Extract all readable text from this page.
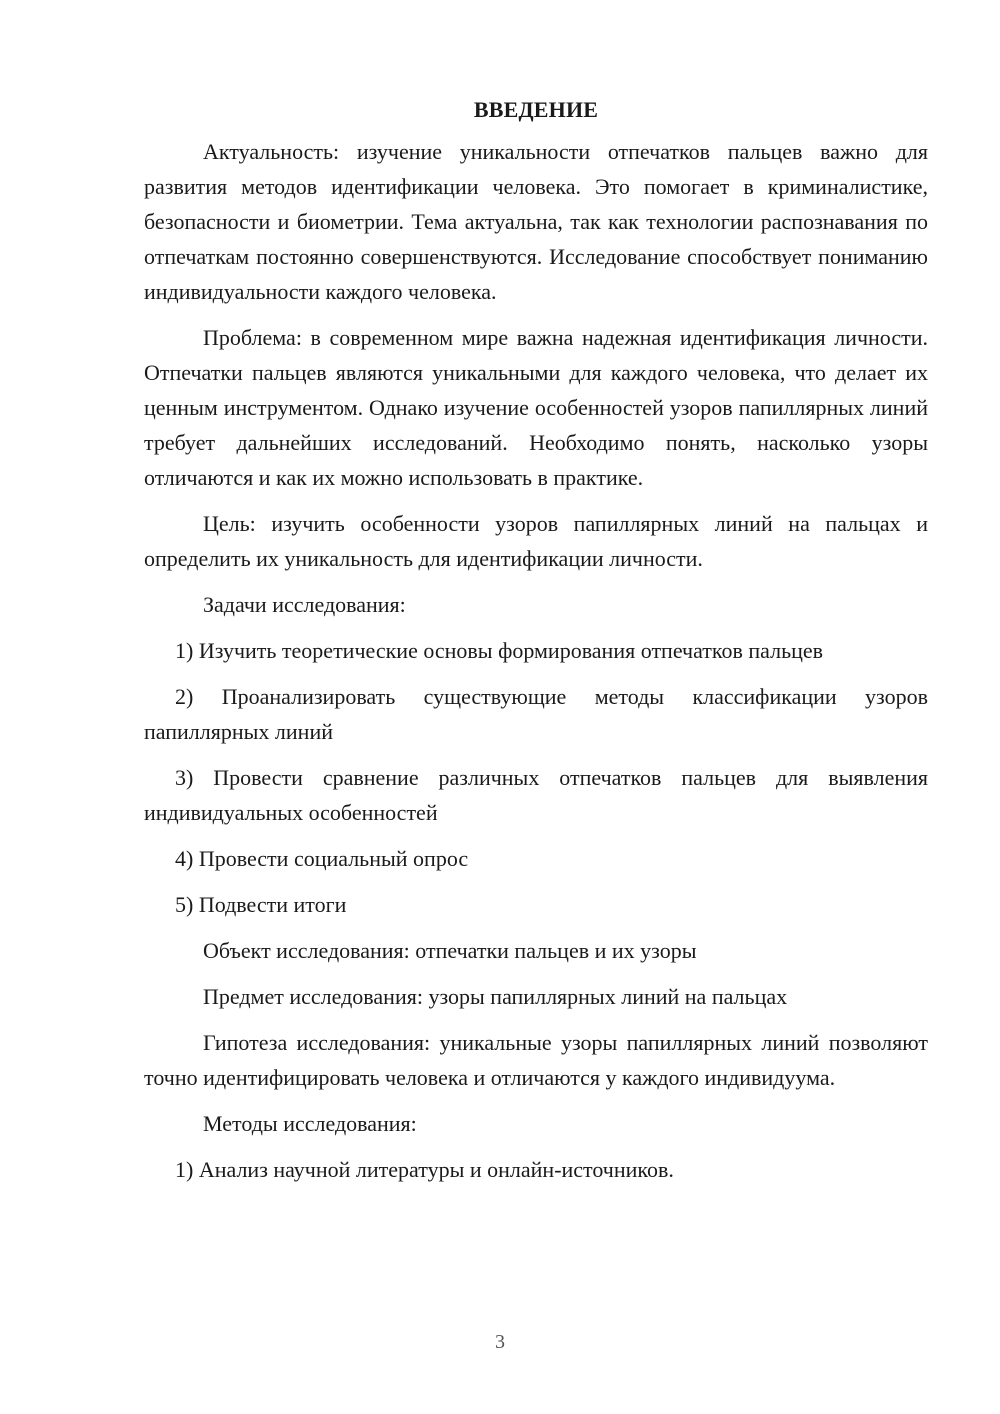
ВВЕДЕНИЕ

Актуальность: изучение уникальности отпечатков пальцев важно для развития методов идентификации человека. Это помогает в криминалистике, безопасности и биометрии. Тема актуальна, так как технологии распознавания по отпечаткам постоянно совершенствуются. Исследование способствует пониманию индивидуальности каждого человека.

Проблема: в современном мире важна надежная идентификация личности. Отпечатки пальцев являются уникальными для каждого человека, что делает их ценным инструментом. Однако изучение особенностей узоров папиллярных линий требует дальнейших исследований. Необходимо понять, насколько узоры отличаются и как их можно использовать в практике.

Цель: изучить особенности узоров папиллярных линий на пальцах и определить их уникальность для идентификации личности.

Задачи исследования:

1) Изучить теоретические основы формирования отпечатков пальцев

2) Проанализировать существующие методы классификации узоров папиллярных линий

3) Провести сравнение различных отпечатков пальцев для выявления индивидуальных особенностей

4) Провести социальный опрос

5) Подвести итоги

Объект исследования: отпечатки пальцев и их узоры

Предмет исследования: узоры папиллярных линий на пальцах

Гипотеза исследования: уникальные узоры папиллярных линий позволяют точно идентифицировать человека и отличаются у каждого индивидуума.

Методы исследования:

1) Анализ научной литературы и онлайн-источников.

3
